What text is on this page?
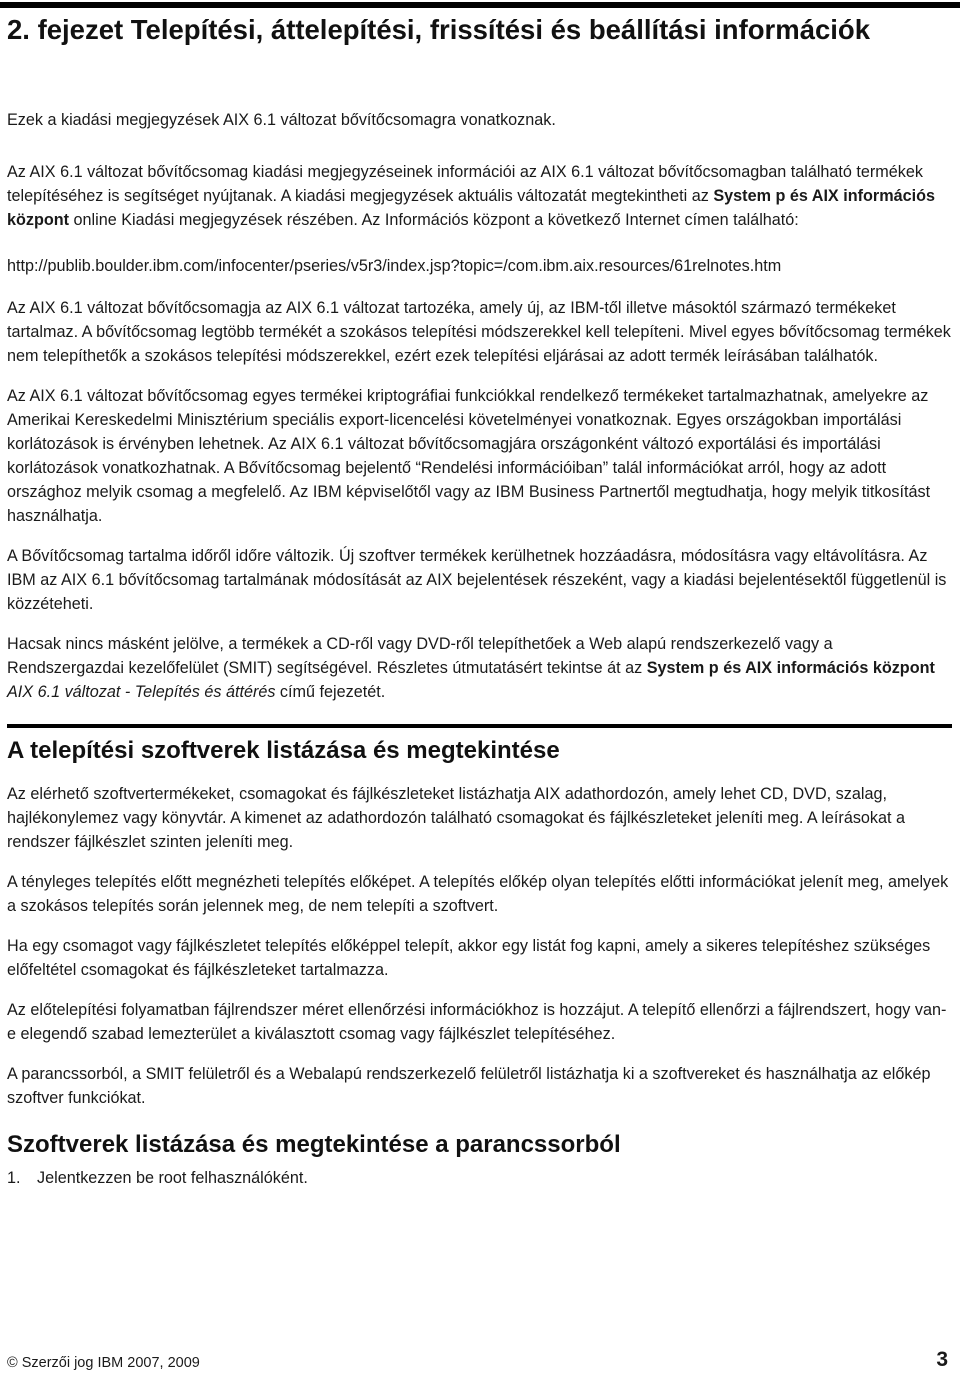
2. fejezet Telepítési, áttelepítési, frissítési és beállítási információk

Ezek a kiadási megjegyzések AIX 6.1 változat bővítőcsomagra vonatkoznak.

Az AIX 6.1 változat bővítőcsomag kiadási megjegyzéseinek információi az AIX 6.1 változat bővítőcsomagban található termékek telepítéséhez is segítséget nyújtanak. A kiadási megjegyzések aktuális változatát megtekintheti az System p és AIX információs központ online Kiadási megjegyzések részében. Az Információs központ a következő Internet címen található:

http://publib.boulder.ibm.com/infocenter/pseries/v5r3/index.jsp?topic=/com.ibm.aix.resources/61relnotes.htm

Az AIX 6.1 változat bővítőcsomagja az AIX 6.1 változat tartozéka, amely új, az IBM-től illetve másoktól származó termékeket tartalmaz. A bővítőcsomag legtöbb termékét a szokásos telepítési módszerekkel kell telepíteni. Mivel egyes bővítőcsomag termékek nem telepíthetők a szokásos telepítési módszerekkel, ezért ezek telepítési eljárásai az adott termék leírásában találhatók.

Az AIX 6.1 változat bővítőcsomag egyes termékei kriptográfiai funkciókkal rendelkező termékeket tartalmazhatnak, amelyekre az Amerikai Kereskedelmi Minisztérium speciális export-licencelési követelményei vonatkoznak. Egyes országokban importálási korlátozások is érvényben lehetnek. Az AIX 6.1 változat bővítőcsomagjára országonként változó exportálási és importálási korlátozások vonatkozhatnak. A Bővítőcsomag bejelentő “Rendelési információiban” talál információkat arról, hogy az adott országhoz melyik csomag a megfelelő. Az IBM képviselőtől vagy az IBM Business Partnertől megtudhatja, hogy melyik titkosítást használhatja.

A Bővítőcsomag tartalma időről időre változik. Új szoftver termékek kerülhetnek hozzáadásra, módosításra vagy eltávolításra. Az IBM az AIX 6.1 bővítőcsomag tartalmának módosítását az AIX bejelentések részeként, vagy a kiadási bejelentésektől függetlenül is közzéteheti.

Hacsak nincs másként jelölve, a termékek a CD-ről vagy DVD-ről telepíthetőek a Web alapú rendszerkezelő vagy a Rendszergazdai kezelőfelület (SMIT) segítségével. Részletes útmutatásért tekintse át az System p és AIX információs központ AIX 6.1 változat - Telepítés és áttérés című fejezetét.

A telepítési szoftverek listázása és megtekintése

Az elérhető szoftvertermékeket, csomagokat és fájlkészleteket listázhatja AIX adathordozón, amely lehet CD, DVD, szalag, hajlékonylemez vagy könyvtár. A kimenet az adathordozón található csomagokat és fájlkészleteket jeleníti meg. A leírásokat a rendszer fájlkészlet szinten jeleníti meg.

A tényleges telepítés előtt megnézheti telepítés előképet. A telepítés előkép olyan telepítés előtti információkat jelenít meg, amelyek a szokásos telepítés során jelennek meg, de nem telepíti a szoftvert.

Ha egy csomagot vagy fájlkészletet telepítés előképpel telepít, akkor egy listát fog kapni, amely a sikeres telepítéshez szükséges előfeltétel csomagokat és fájlkészleteket tartalmazza.

Az előtelepítési folyamatban fájlrendszer méret ellenőrzési információkhoz is hozzájut. A telepítő ellenőrzi a fájlrendszert, hogy van-e elegendő szabad lemezterület a kiválasztott csomag vagy fájlkészlet telepítéséhez.

A parancssorból, a SMIT felületről és a Webalapú rendszerkezelő felületről listázhatja ki a szoftvereket és használhatja az előkép szoftver funkciókat.

Szoftverek listázása és megtekintése a parancssorból
1.	Jelentkezzen be root felhasználóként.
© Szerzői jog IBM 2007, 2009	3
